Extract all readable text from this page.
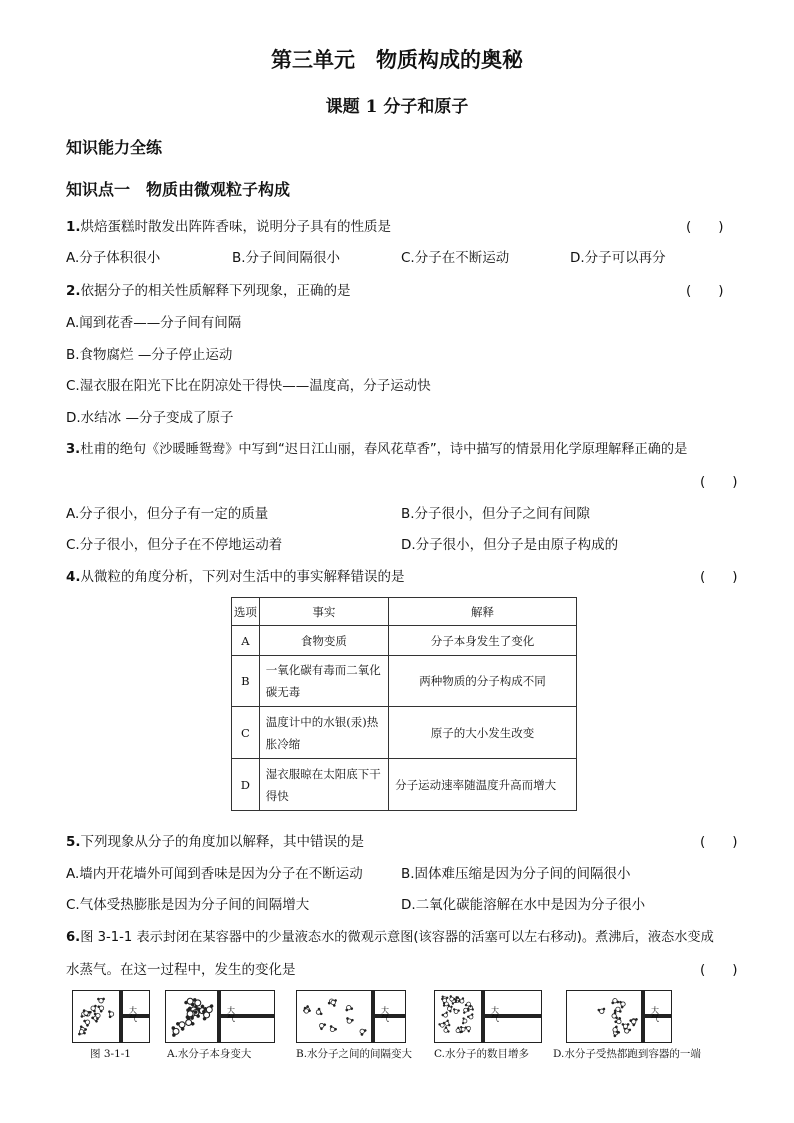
第三单元　物质构成的奥秘
课题 1 分子和原子
知识能力全练
知识点一　物质由微观粒子构成
1.烘焙蛋糕时散发出阵阵香味，说明分子具有的性质是	(　　)
A.分子体积很小	B.分子间间隔很小	C.分子在不断运动	D.分子可以再分
2.依据分子的相关性质解释下列现象，正确的是	(　　)
A.闻到花香——分子间有间隔
B.食物腐烂 —分子停止运动
C.湿衣服在阳光下比在阴凉处干得快——温度高，分子运动快
D.水结冰 —分子变成了原子
3.杜甫的绝句《沙暖睡鸳鸯》中写到“迟日江山丽，春风花草香”，诗中描写的情景用化学原理解释正确的是
(　　)
A.分子很小，但分子有一定的质量	B.分子很小，但分子之间有间隙
C.分子很小，但分子在不停地运动着	D.分子很小，但分子是由原子构成的
4.从微粒的角度分析，下列对生活中的事实解释错误的是	(　　)
选项	事实	解释
A	食物变质	分子本身发生了变化
B	一氧化碳有毒而二氧化碳无毒	两种物质的分子构成不同
C	温度计中的水银(汞)热胀冷缩	原子的大小发生改变
D	湿衣服晾在太阳底下干得快	分子运动速率随温度升高而增大
5.下列现象从分子的角度加以解释，其中错误的是	(　　)
A.墙内开花墙外可闻到香味是因为分子在不断运动	B.固体难压缩是因为分子间的间隔很小
C.气体受热膨胀是因为分子间的间隔增大	D.二氧化碳能溶解在水中是因为分子很小
6.图 3-1-1 表示封闭在某容器中的少量液态水的微观示意图(该容器的活塞可以左右移动)。煮沸后，液态水变成
水蒸气。在这一过程中，发生的变化是	(　　)
大气	大气	大气	大气	大气
图 3-1-1	A.水分子本身变大	B.水分子之间的间隔变大 C.水分子的数目增多 D.水分子受热都跑到容器的一端
